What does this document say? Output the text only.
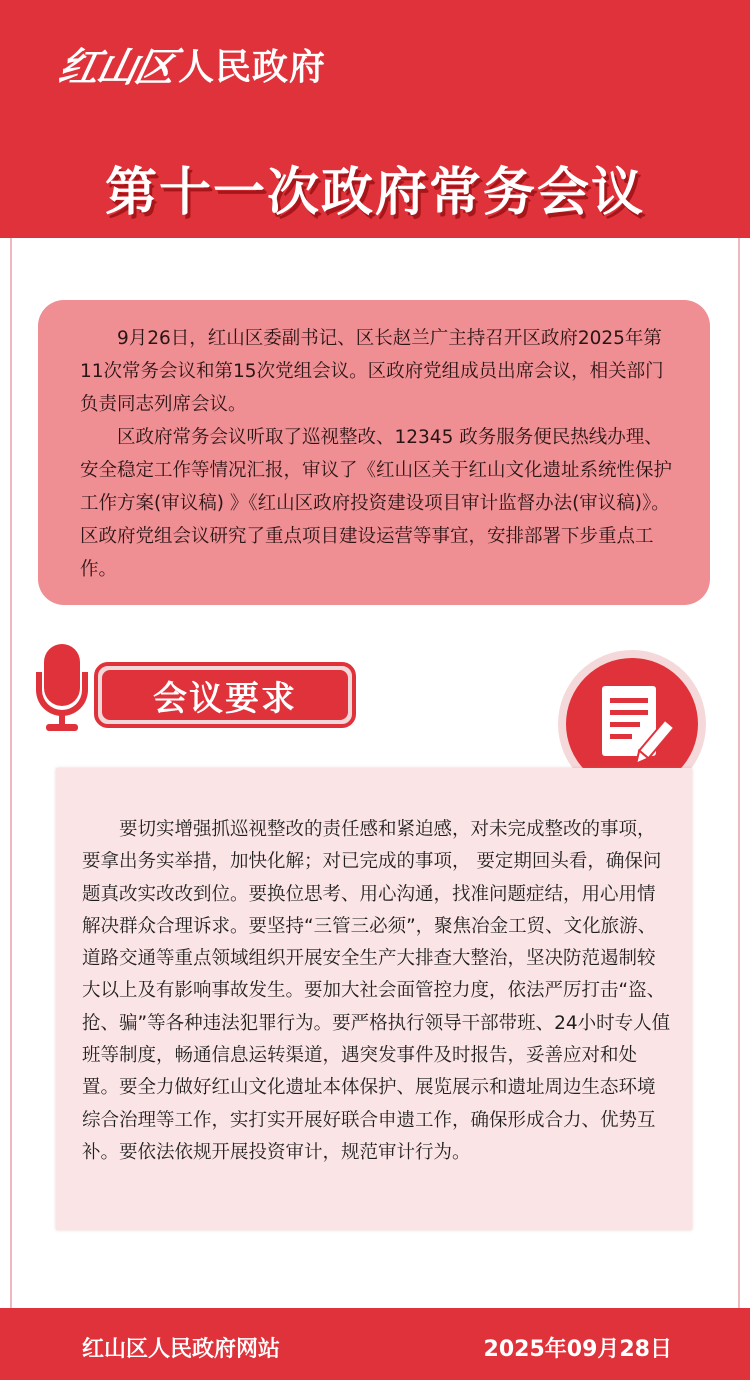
红山区 人民政府
第十一次政府常务会议

9月26日，红山区委副书记、区长赵兰广主持召开区政府2025年第11次常务会议和第15次党组会议。区政府党组成员出席会议，相关部门负责同志列席会议。

区政府常务会议听取了巡视整改、12345 政务服务便民热线办理、安全稳定工作等情况汇报，审议了《红山区关于红山文化遗址系统性保护工作方案(审议稿) 》《红山区政府投资建设项目审计监督办法(审议稿)》。区政府党组会议研究了重点项目建设运营等事宜，安排部署下步重点工作。

会议要求

要切实增强抓巡视整改的责任感和紧迫感，对未完成整改的事项，要拿出务实举措，加快化解；对已完成的事项， 要定期回头看，确保问题真改实改改到位。要换位思考、用心沟通，找准问题症结，用心用情解决群众合理诉求。要坚持“三管三必须”，聚焦冶金工贸、文化旅游、道路交通等重点领域组织开展安全生产大排查大整治，坚决防范遏制较大以上及有影响事故发生。要加大社会面管控力度，依法严厉打击“盗、抢、骗”等各种违法犯罪行为。要严格执行领导干部带班、24小时专人值班等制度，畅通信息运转渠道，遇突发事件及时报告，妥善应对和处置。要全力做好红山文化遗址本体保护、展览展示和遗址周边生态环境综合治理等工作，实打实开展好联合申遗工作，确保形成合力、优势互补。要依法依规开展投资审计，规范审计行为。

红山区人民政府网站	2025年09月28日
